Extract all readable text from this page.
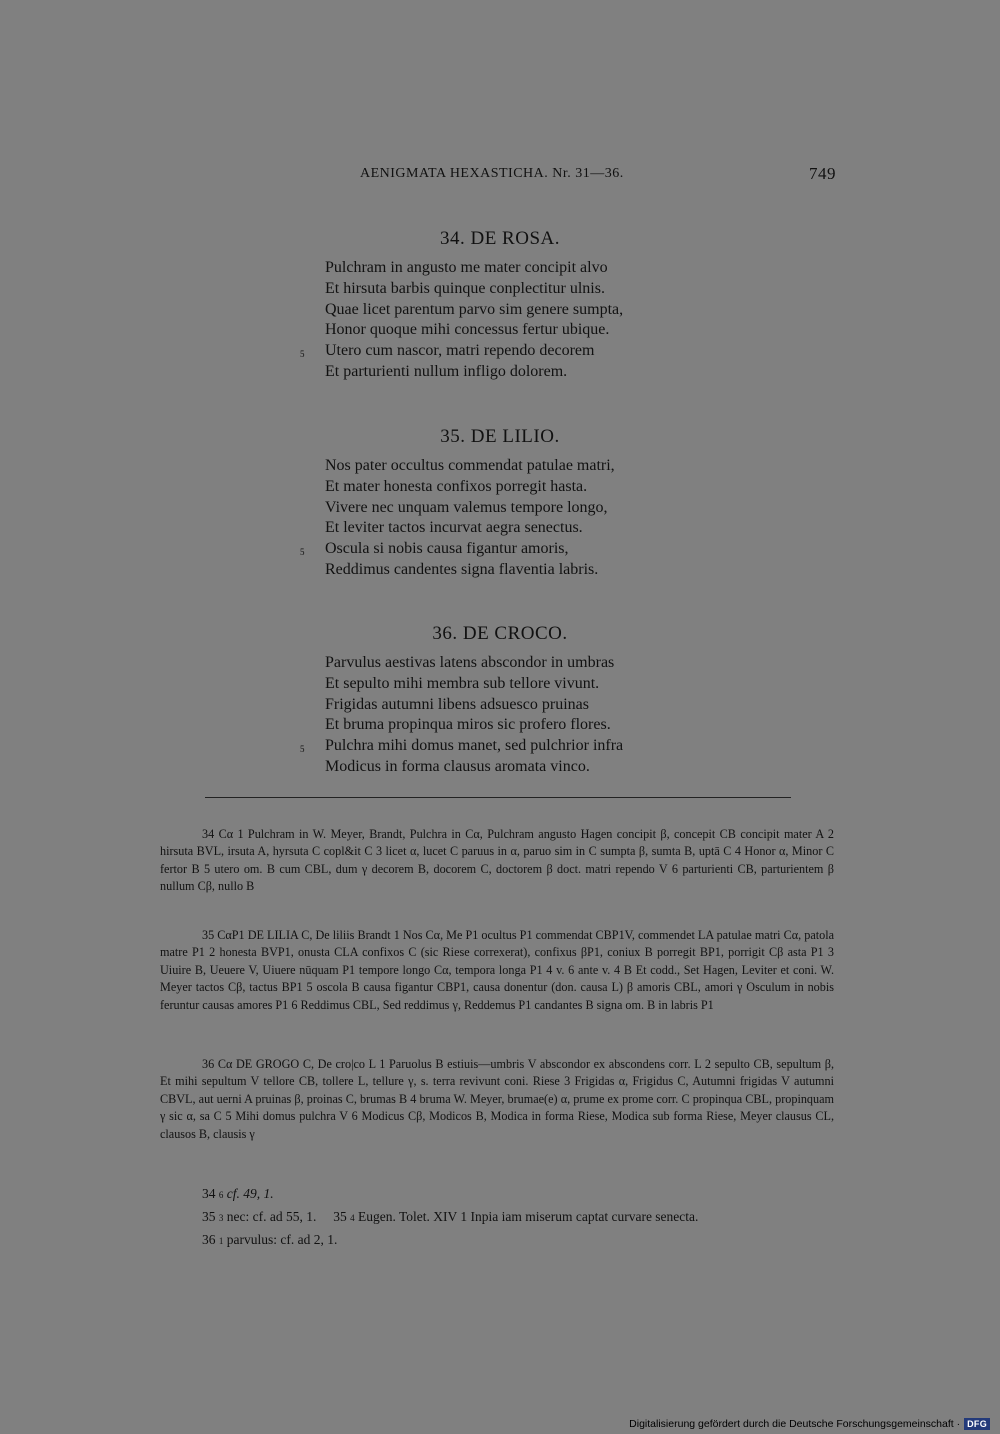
AENIGMATA HEXASTICHA. Nr. 31—36.	749
34. DE ROSA.
Pulchram in angusto me mater concipit alvo
Et hirsuta barbis quinque conplectitur ulnis.
Quae licet parentum parvo sim genere sumpta,
Honor quoque mihi concessus fertur ubique.
5 Utero cum nascor, matri rependo decorem
Et parturienti nullum infligo dolorem.
35. DE LILIO.
Nos pater occultus commendat patulae matri,
Et mater honesta confixos porregit hasta.
Vivere nec unquam valemus tempore longo,
Et leviter tactos incurvat aegra senectus.
5 Oscula si nobis causa figantur amoris,
Reddimus candentes signa flaventia labris.
36. DE CROCO.
Parvulus aestivas latens abscondor in umbras
Et sepulto mihi membra sub tellore vivunt.
Frigidas autumni libens adsuesco pruinas
Et bruma propinqua miros sic profero flores.
5 Pulchra mihi domus manet, sed pulchrior infra
Modicus in forma clausus aromata vinco.

34 Cα 1 Pulchram in W. Meyer, Brandt, Pulchra in Cα, Pulchram angusto Hagen concipit β, concepit CB concipit mater A 2 hirsuta BVL, irsuta A, hyrsuta C copl&it C 3 licet α, lucet C paruus in α, paruo sim in C sumpta β, sumta B, uptā C 4 Honor α, Minor C fertor B 5 utero om. B cum CBL, dum γ decorem B, docorem C, doctorem β doct. matri rependo V 6 parturienti CB, parturientem β nullum Cβ, nullo B

35 CαP1 DE LILIA C, De liliis Brandt 1 Nos Cα, Me P1 ocultus P1 commendat CBP1V, commendet LA patulae matri Cα, patola matre P1 2 honesta BVP1, onusta CLA confixos C (sic Riese correxerat), confixus βP1, coniux B porregit BP1, porrigit Cβ asta P1 3 Uiuire B, Ueuere V, Uiuere nūquam P1 tempore longo Cα, tempora longa P1 4 v. 6 ante v. 4 B Et codd., Set Hagen, Leviter et coni. W. Meyer tactos Cβ, tactus BP1 5 oscola B causa figantur CBP1, causa donentur (don. causa L) β amoris CBL, amori γ Osculum in nobis feruntur causas amores P1 6 Reddimus CBL, Sed reddimus γ, Reddemus P1 candantes B signa om. B in labris P1

36 Cα DE GROGO C, De cro|co L 1 Paruolus B estiuis—umbris V abscondor ex abscondens corr. L 2 sepulto CB, sepultum β, Et mihi sepultum V tellore CB, tollere L, tellure γ, s. terra revivunt coni. Riese 3 Frigidas α, Frigidus C, Autumni frigidas V autumni CBVL, aut uerni A pruinas β, proinas C, brumas B 4 bruma W. Meyer, brumae(e) α, prume ex prome corr. C propinqua CBL, propinquam γ sic α, sa C 5 Mihi domus pulchra V 6 Modicus Cβ, Modicos B, Modica in forma Riese, Modica sub forma Riese, Meyer clausus CL, clausos B, clausis γ

34 6 cf. 49, 1.
35 3 nec: cf. ad 55, 1. 35 4 Eugen. Tolet. XIV 1 Inpia iam miserum captat curvare senecta.
36 1 parvulus: cf. ad 2, 1.
Digitalisierung gefördert durch die Deutsche Forschungsgemeinschaft · DFG
